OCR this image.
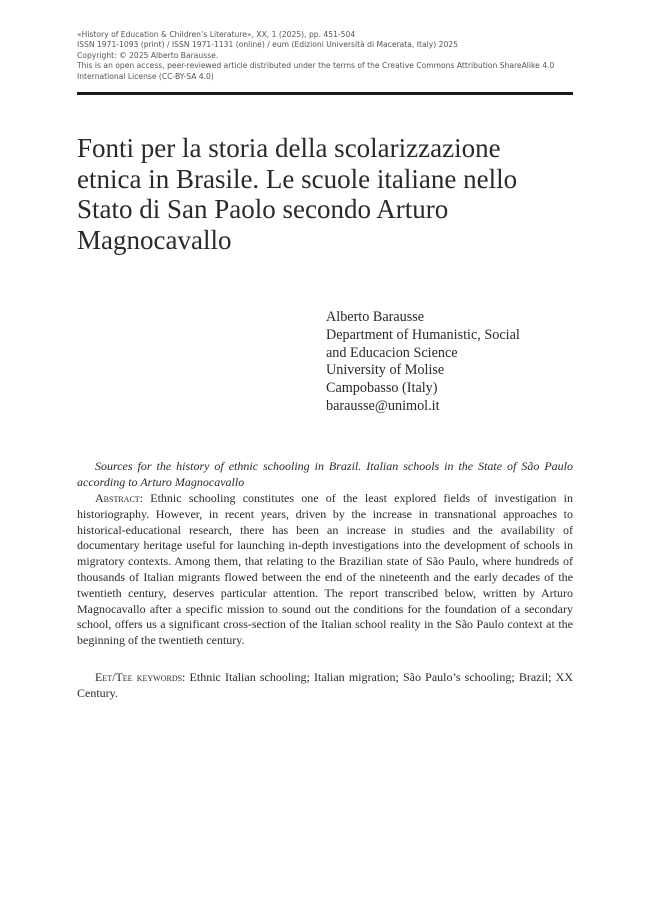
«History of Education & Children’s Literature», XX, 1 (2025), pp. 451-504
ISSN 1971-1093 (print) / ISSN 1971-1131 (online) / eum (Edizioni Università di Macerata, Italy) 2025
Copyright: © 2025 Alberto Barausse.
This is an open access, peer-reviewed article distributed under the terms of the Creative Commons Attribution ShareAlike 4.0
International License (CC-BY-SA 4.0)
Fonti per la storia della scolarizzazione
etnica in Brasile. Le scuole italiane nello
Stato di San Paolo secondo Arturo
Magnocavallo
Alberto Barausse
Department of Humanistic, Social
and Educacion Science
University of Molise
Campobasso (Italy)
barausse@unimol.it

Sources for the history of ethnic schooling in Brazil. Italian schools in the State of São Paulo according to Arturo Magnocavallo

Abstract: Ethnic schooling constitutes one of the least explored fields of investigation in historiography. However, in recent years, driven by the increase in transnational approaches to historical-educational research, there has been an increase in studies and the availability of documentary heritage useful for launching in-depth investigations into the development of schools in migratory contexts. Among them, that relating to the Brazilian state of São Paulo, where hundreds of thousands of Italian migrants flowed between the end of the nineteenth and the early decades of the twentieth century, deserves particular attention. The report transcribed below, written by Arturo Magnocavallo after a specific mission to sound out the conditions for the foundation of a secondary school, offers us a significant cross-section of the Italian school reality in the São Paulo context at the beginning of the twentieth century.

Eet/Tee keywords: Ethnic Italian schooling; Italian migration; São Paulo’s schooling; Brazil; XX Century.
